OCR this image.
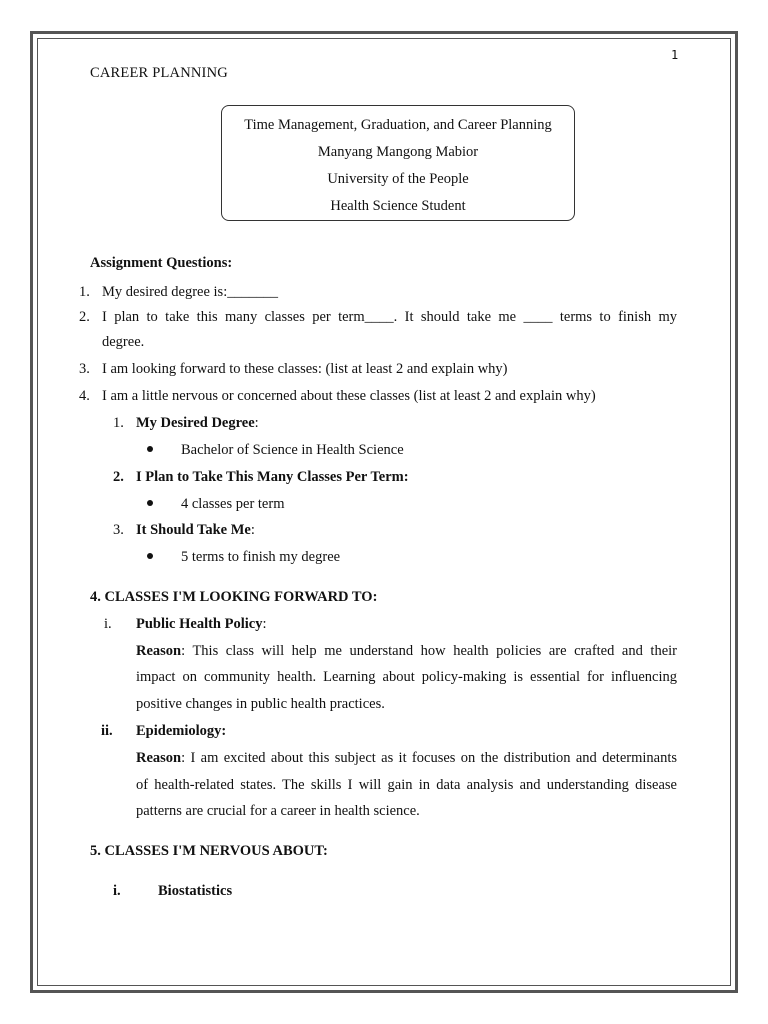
1
CAREER PLANNING
Time Management, Graduation, and Career Planning
Manyang Mangong Mabior
University of the People
Health Science Student
Assignment Questions:
1. My desired degree is:_______
2. I plan to take this many classes per term____. It should take me ____ terms to finish my
degree.
3. I am looking forward to these classes: (list at least 2 and explain why)
4. I am a little nervous or concerned about these classes (list at least 2 and explain why)
1. My Desired Degree:
Bachelor of Science in Health Science
2. I Plan to Take This Many Classes Per Term:
4 classes per term
3. It Should Take Me:
5 terms to finish my degree
4. CLASSES I'M LOOKING FORWARD TO:
i. Public Health Policy:
Reason: This class will help me understand how health policies are crafted and their
impact on community health. Learning about policy-making is essential for influencing
positive changes in public health practices.
ii. Epidemiology:
Reason: I am excited about this subject as it focuses on the distribution and determinants
of health-related states. The skills I will gain in data analysis and understanding disease
patterns are crucial for a career in health science.
5. CLASSES I'M NERVOUS ABOUT:
i.	Biostatistics
